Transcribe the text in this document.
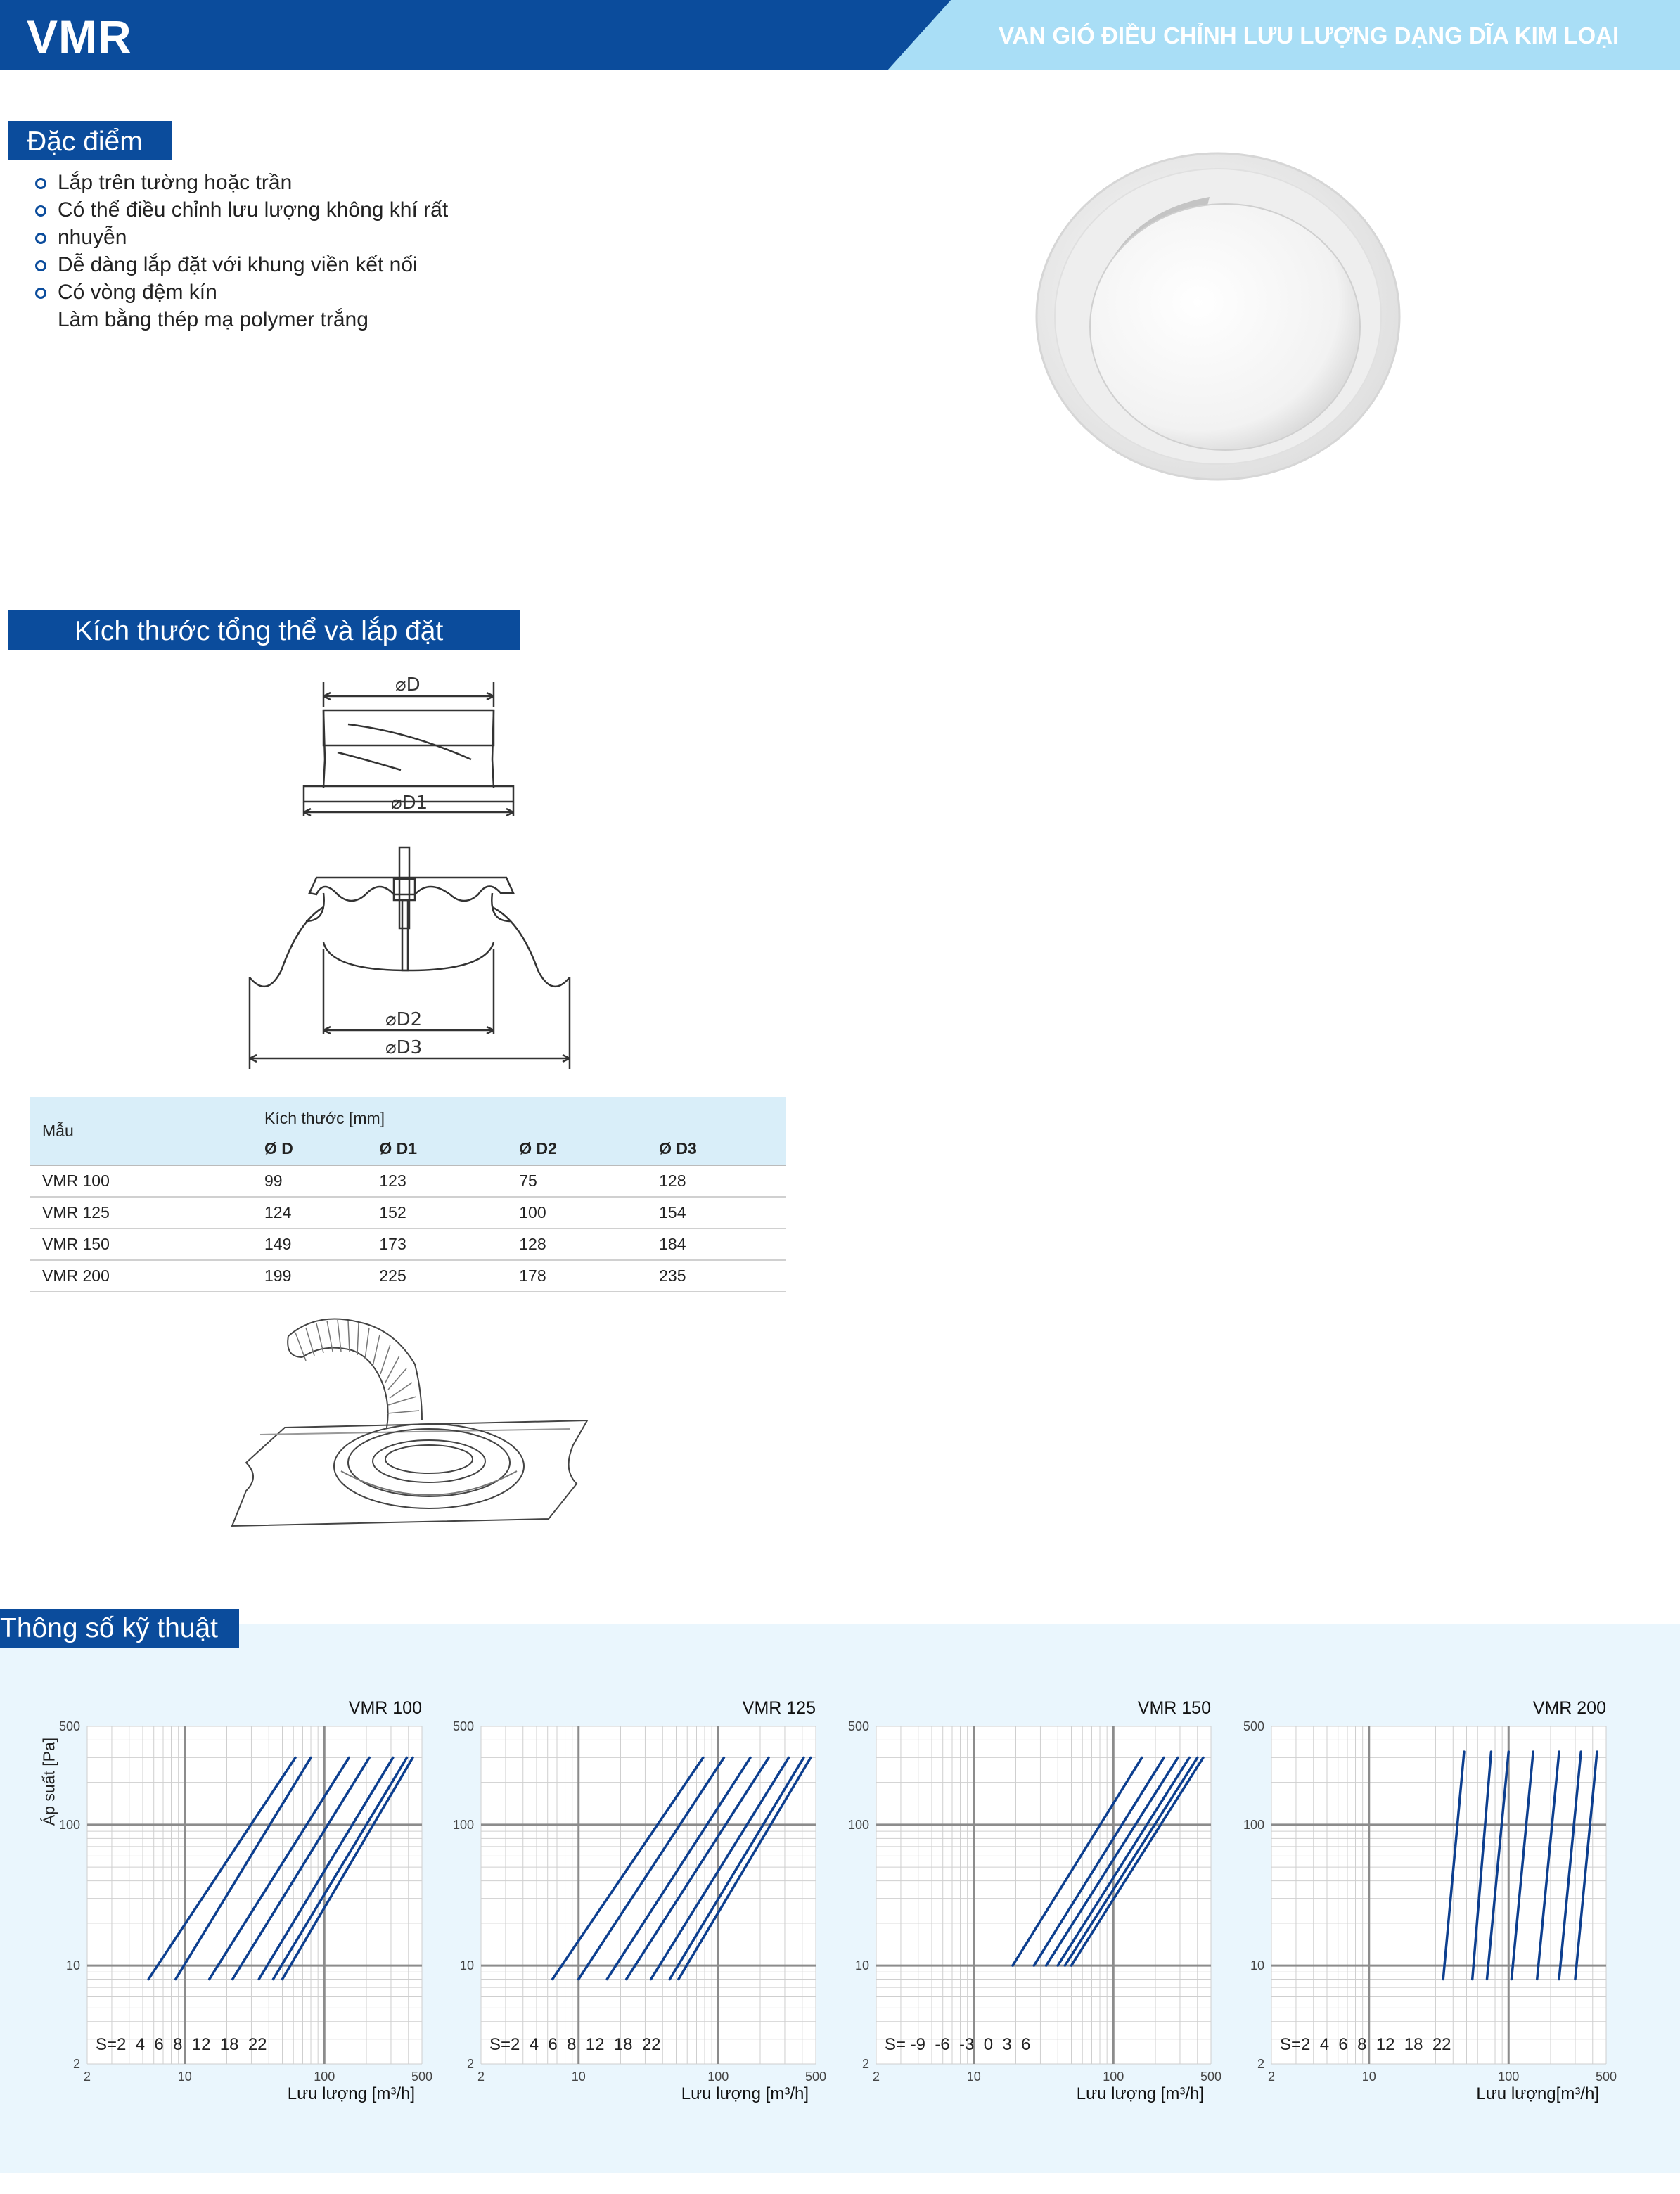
VMR	VAN GIÓ ĐIỀU CHỈNH LƯU LƯỢNG DẠNG DĨA KIM LOẠI
Đặc điểm
Lắp trên tường hoặc trần
Có thể điều chỉnh lưu lượng không khí rất
nhuyễn
Dễ dàng lắp đặt với khung viền kết nối
Có vòng đệm kín
Làm bằng thép mạ polymer trắng
Kích thước tổng thể và lắp đặt
⌀D
⌀D1
⌀D2
⌀D3
Mẫu	Kích thước [mm]			
	Ø D	Ø D1	Ø D2	Ø D3
VMR 100	99	123	75	128
VMR 125	124	152	100	154
VMR 150	149	173	128	184
VMR 200	199	225	178	235
Thông số kỹ thuật
Áp suất [Pa]
2	10	100	500
2
10
100
500
S=2  4  6  8  12  18  22
VMR 100
Lưu lượng [m³/h]
2	10	100	500
2
10
100
500
S=2  4  6  8  12  18  22
VMR 125
Lưu lượng [m³/h]
2	10	100	500
2
10
100
500
S= -9  -6  -3  0  3  6
VMR 150
Lưu lượng [m³/h]
2	10	100	500
2
10
100
500
S=2  4  6  8  12  18  22
VMR 200
Lưu lượng[m³/h]
